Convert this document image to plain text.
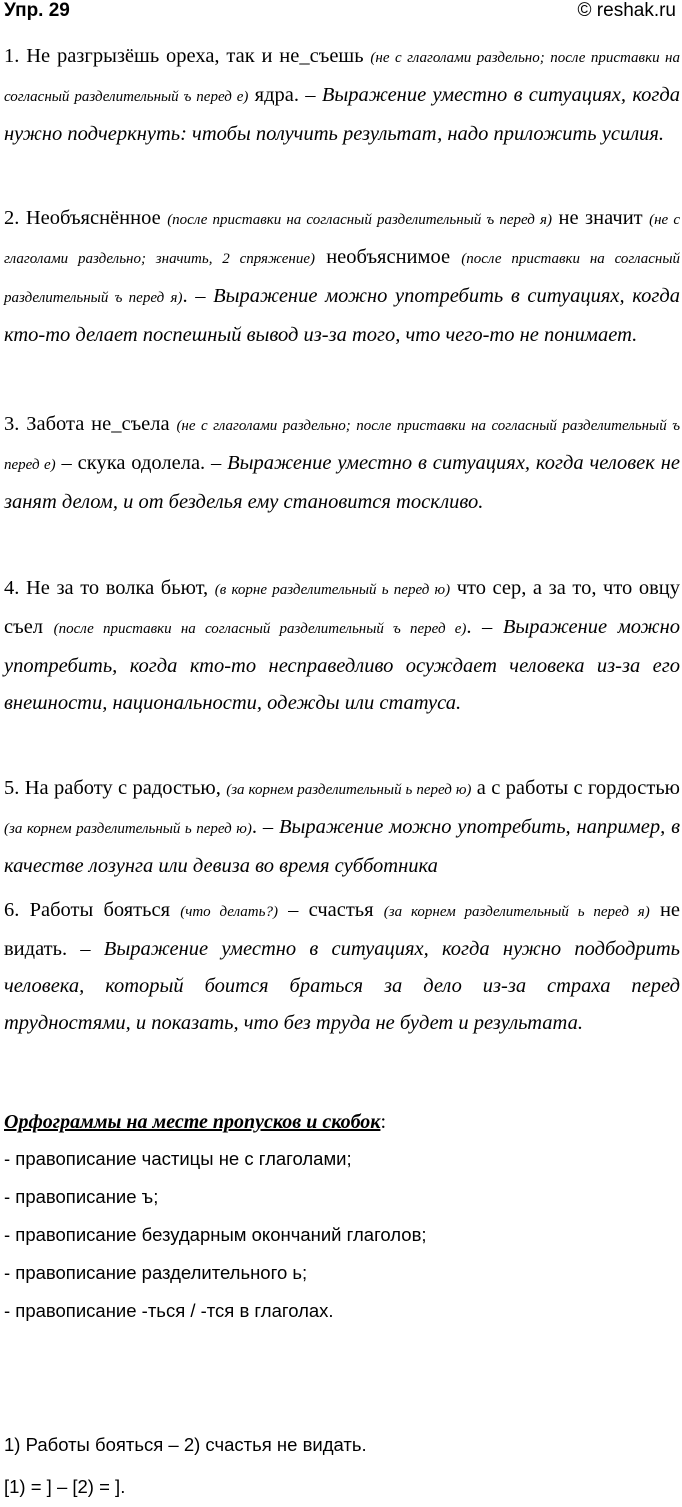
Упр. 29	© reshak.ru
1. Не разгрызёшь ореха, так и не_съешь (не с глаголами раздельно; после приставки на согласный разделительный ъ перед е) ядра. – Выражение уместно в ситуациях, когда нужно подчеркнуть: чтобы получить результат, надо приложить усилия.
2. Необъяснённое (после приставки на согласный разделительный ъ перед я) не значит (не с глаголами раздельно; значить, 2 спряжение) необъяснимое (после приставки на согласный разделительный ъ перед я). – Выражение можно употребить в ситуациях, когда кто-то делает поспешный вывод из-за того, что чего-то не понимает.
3. Забота не_съела (не с глаголами раздельно; после приставки на согласный разделительный ъ перед е) – скука одолела. – Выражение уместно в ситуациях, когда человек не занят делом, и от безделья ему становится тоскливо.
4. Не за то волка бьют, (в корне разделительный ь перед ю) что сер, а за то, что овцу съел (после приставки на согласный разделительный ъ перед е). – Выражение можно употребить, когда кто-то несправедливо осуждает человека из-за его внешности, национальности, одежды или статуса.
5. На работу с радостью, (за корнем разделительный ь перед ю) а с работы с гордостью (за корнем разделительный ь перед ю). – Выражение можно употребить, например, в качестве лозунга или девиза во время субботника
6. Работы бояться (что делать?) – счастья (за корнем разделительный ь перед я) не видать. – Выражение уместно в ситуациях, когда нужно подбодрить человека, который боится браться за дело из-за страха перед трудностями, и показать, что без труда не будет и результата.
Орфограммы на месте пропусков и скобок:
- правописание частицы не с глаголами;
- правописание ъ;
- правописание безударным окончаний глаголов;
- правописание разделительного ь;
- правописание -ться / -тся в глаголах.
1) Работы бояться – 2) счастья не видать.
[1) = ] – [2) = ].
